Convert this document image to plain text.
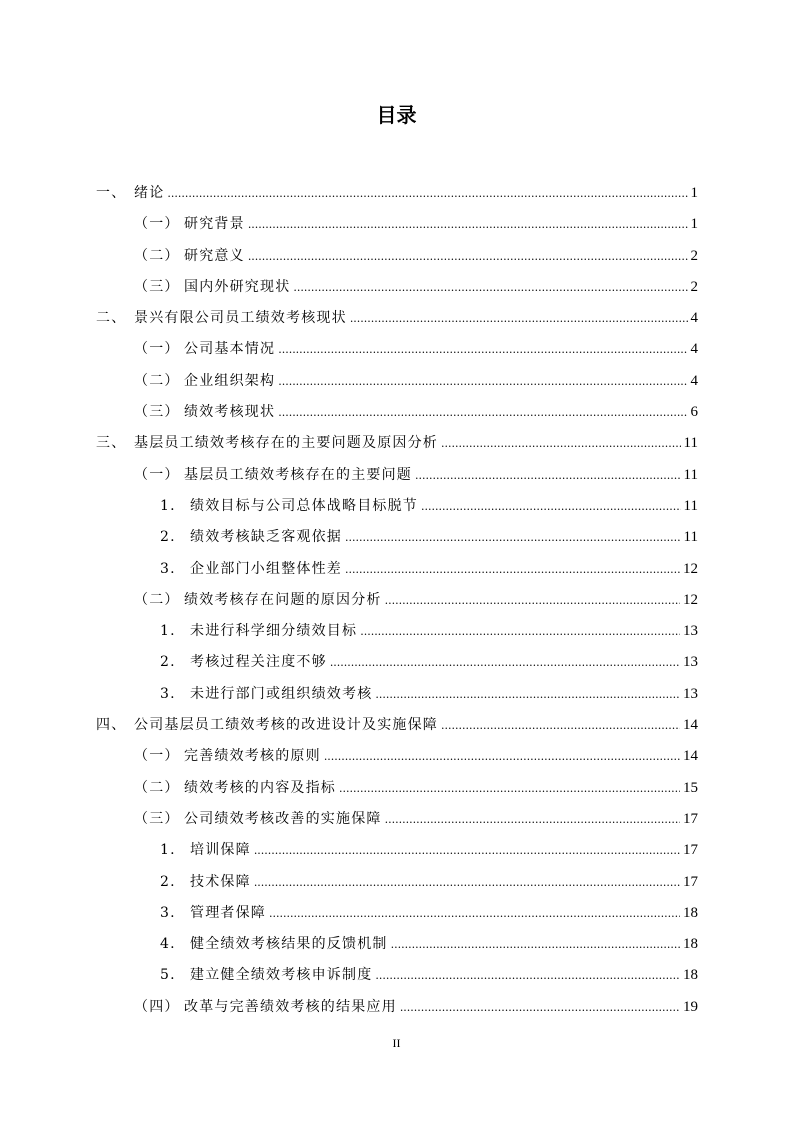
目录
一、 绪论 .....	1
（一） 研究背景 .....	1
（二） 研究意义 .....	2
（三） 国内外研究现状 .....	2
二、 景兴有限公司员工绩效考核现状 .....	4
（一） 公司基本情况 .....	4
（二） 企业组织架构 .....	4
（三） 绩效考核现状 .....	6
三、 基层员工绩效考核存在的主要问题及原因分析 .....	11
（一） 基层员工绩效考核存在的主要问题 .....	11
1.	绩效目标与公司总体战略目标脱节 .....	11
2.	绩效考核缺乏客观依据 .....	11
3.	企业部门小组整体性差 .....	12
（二） 绩效考核存在问题的原因分析 .....	12
1.	未进行科学细分绩效目标 .....	13
2.	考核过程关注度不够 .....	13
3.	未进行部门或组织绩效考核 .....	13
四、 公司基层员工绩效考核的改进设计及实施保障 .....	14
（一） 完善绩效考核的原则 .....	14
（二） 绩效考核的内容及指标 .....	15
（三） 公司绩效考核改善的实施保障 .....	17
1.	培训保障 .....	17
2.	技术保障 .....	17
3.	管理者保障 .....	18
4.	健全绩效考核结果的反馈机制 .....	18
5.	建立健全绩效考核申诉制度 .....	18
（四） 改革与完善绩效考核的结果应用 .....	19
II
